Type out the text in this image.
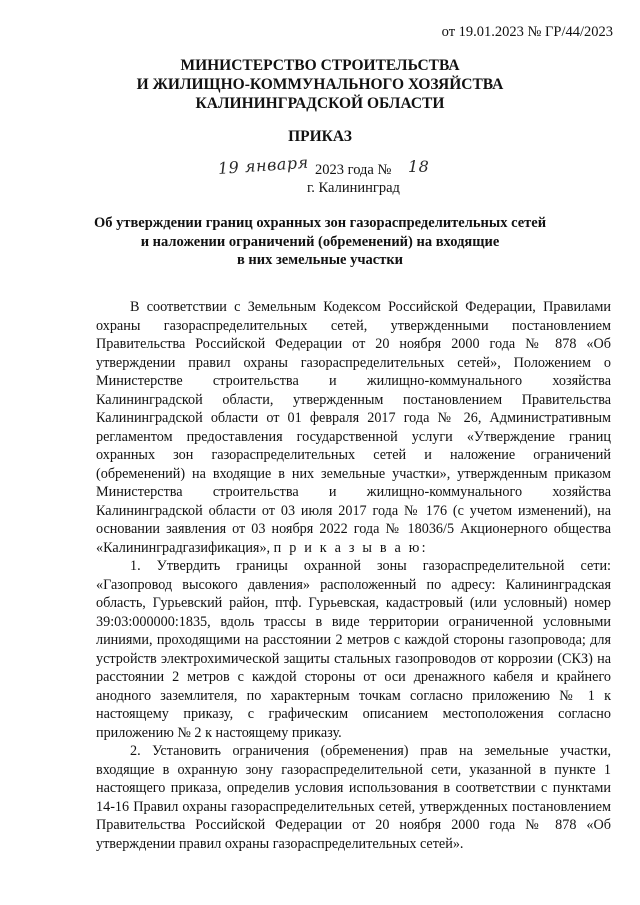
от 19.01.2023 № ГР/44/2023
МИНИСТЕРСТВО СТРОИТЕЛЬСТВА
И ЖИЛИЩНО-КОММУНАЛЬНОГО ХОЗЯЙСТВА
КАЛИНИНГРАДСКОЙ ОБЛАСТИ
ПРИКАЗ
19 января 2023 года № 18
г. Калининград
Об утверждении границ охранных зон газораспределительных сетей
и наложении ограничений (обременений) на входящие
в них земельные участки

В соответствии с Земельным Кодексом Российской Федерации, Правилами охраны газораспределительных сетей, утвержденными постановлением Правительства Российской Федерации от 20 ноября 2000 года № 878 «Об утверждении правил охраны газораспределительных сетей», Положением о Министерстве строительства и жилищно-коммунального хозяйства Калининградской области, утвержденным постановлением Правительства Калининградской области от 01 февраля 2017 года № 26, Административным регламентом предоставления государственной услуги «Утверждение границ охранных зон газораспределительных сетей и наложение ограничений (обременений) на входящие в них земельные участки», утвержденным приказом Министерства строительства и жилищно-коммунального хозяйства Калининградской области от 03 июля 2017 года № 176 (с учетом изменений), на основании заявления от 03 ноября 2022 года № 18036/5 Акционерного общества «Калининградгазификация», п р и к а з ы в а ю:

1. Утвердить границы охранной зоны газораспределительной сети: «Газопровод высокого давления» расположенный по адресу: Калининградская область, Гурьевский район, птф. Гурьевская, кадастровый (или условный) номер 39:03:000000:1835, вдоль трассы в виде территории ограниченной условными линиями, проходящими на расстоянии 2 метров с каждой стороны газопровода; для устройств электрохимической защиты стальных газопроводов от коррозии (СКЗ) на расстоянии 2 метров с каждой стороны от оси дренажного кабеля и крайнего анодного заземлителя, по характерным точкам согласно приложению № 1 к настоящему приказу, с графическим описанием местоположения согласно приложению № 2 к настоящему приказу.

2. Установить ограничения (обременения) прав на земельные участки, входящие в охранную зону газораспределительной сети, указанной в пункте 1 настоящего приказа, определив условия использования в соответствии с пунктами 14-16 Правил охраны газораспределительных сетей, утвержденных постановлением Правительства Российской Федерации от 20 ноября 2000 года № 878 «Об утверждении правил охраны газораспределительных сетей».
